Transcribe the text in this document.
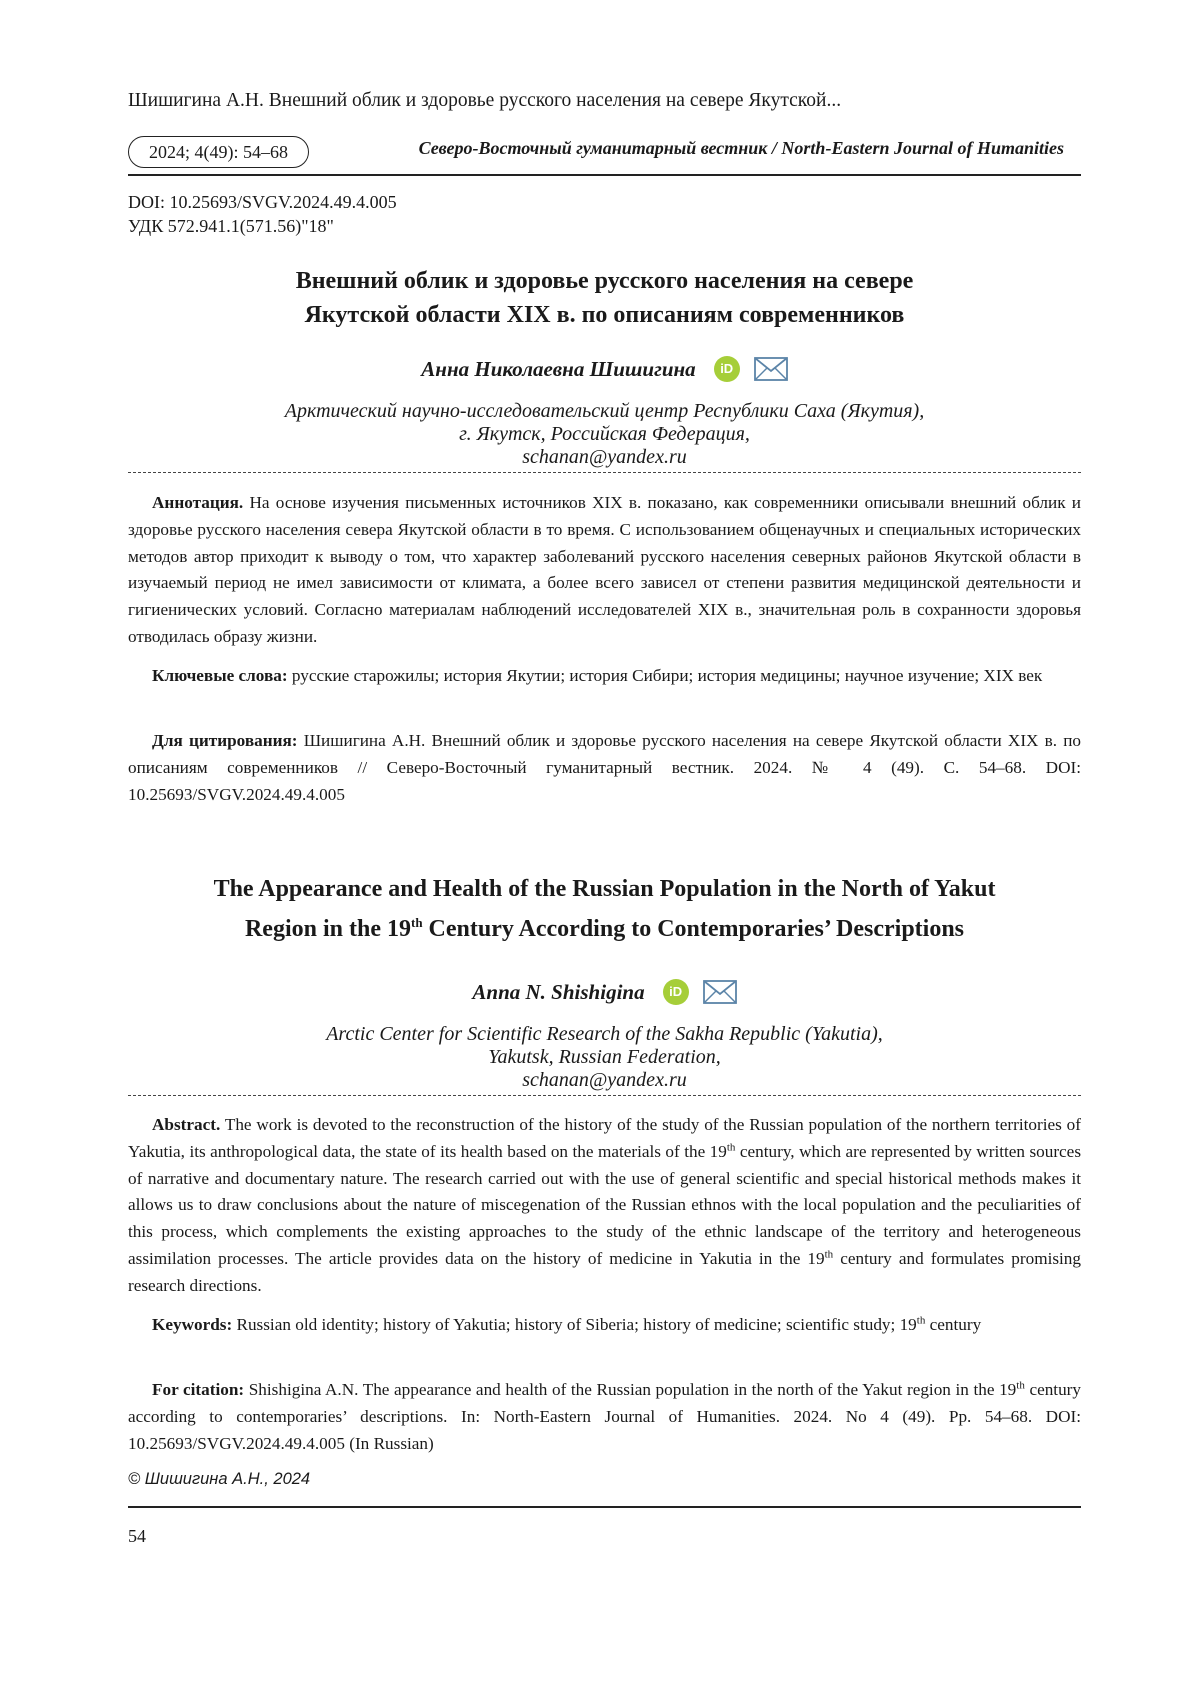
Шишигина А.Н. Внешний облик и здоровье русского населения на севере Якутской...
2024; 4(49): 54–68	Северо-Восточный гуманитарный вестник / North-Eastern Journal of Humanities
DOI: 10.25693/SVGV.2024.49.4.005
УДК 572.941.1(571.56)"18"
Внешний облик и здоровье русского населения на севере
Якутской области XIX в. по описаниям современников
Анна Николаевна Шишигина iD
Арктический научно-исследовательский центр Республики Саха (Якутия),
г. Якутск, Российская Федерация,
schanan@yandex.ru
Аннотация. На основе изучения письменных источников XIX в. показано, как современники описывали внешний облик и здоровье русского населения севера Якутской области в то время. С использованием общенаучных и специальных исторических методов автор приходит к выводу о том, что характер заболеваний русского населения северных районов Якутской области в изучаемый период не имел зависимости от климата, а более всего зависел от степени развития медицинской деятельности и гигиенических условий. Согласно материалам наблюдений исследователей XIX в., значительная роль в сохранности здоровья отводилась образу жизни.
Ключевые слова: русские старожилы; история Якутии; история Сибири; история медицины; научное изучение; XIX век
Для цитирования: Шишигина А.Н. Внешний облик и здоровье русского населения на севере Якутской области XIX в. по описаниям современников // Северо-Восточный гуманитарный вестник. 2024. № 4 (49). С. 54–68. DOI: 10.25693/SVGV.2024.49.4.005
The Appearance and Health of the Russian Population in the North of Yakut
Region in the 19th Century According to Contemporaries’ Descriptions
Anna N. Shishigina iD
Arctic Center for Scientific Research of the Sakha Republic (Yakutia),
Yakutsk, Russian Federation,
schanan@yandex.ru
Abstract. The work is devoted to the reconstruction of the history of the study of the Russian population of the northern territories of Yakutia, its anthropological data, the state of its health based on the materials of the 19th century, which are represented by written sources of narrative and documentary nature. The research carried out with the use of general scientific and special historical methods makes it allows us to draw conclusions about the nature of miscegenation of the Russian ethnos with the local population and the peculiarities of this process, which complements the existing approaches to the study of the ethnic landscape of the territory and heterogeneous assimilation processes. The article provides data on the history of medicine in Yakutia in the 19th century and formulates promising research directions.
Keywords: Russian old identity; history of Yakutia; history of Siberia; history of medicine; scientific study; 19th century
For citation: Shishigina A.N. The appearance and health of the Russian population in the north of the Yakut region in the 19th century according to contemporaries’ descriptions. In: North-Eastern Journal of Humanities. 2024. No 4 (49). Pp. 54–68. DOI: 10.25693/SVGV.2024.49.4.005 (In Russian)
© Шишигина А.Н., 2024
54
